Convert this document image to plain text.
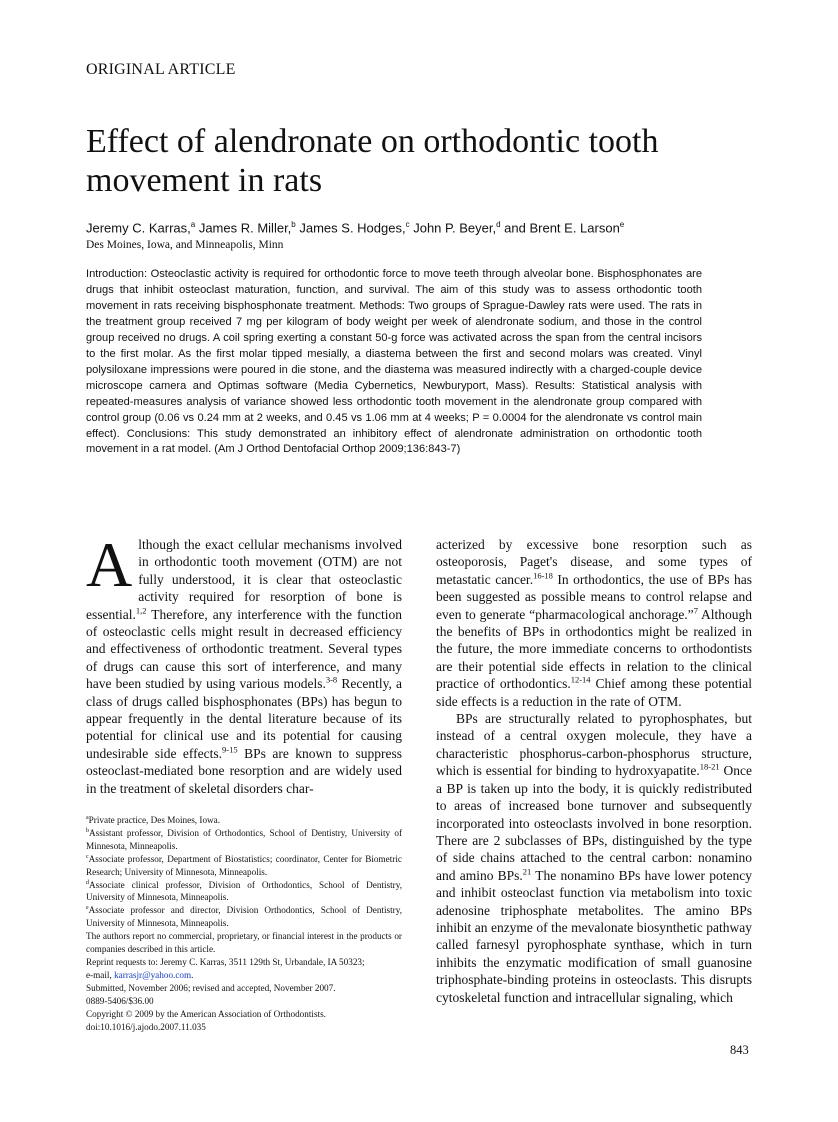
ORIGINAL ARTICLE
Effect of alendronate on orthodontic tooth movement in rats
Jeremy C. Karras,$^a$ James R. Miller,$^b$ James S. Hodges,$^c$ John P. Beyer,$^d$ and Brent E. Larson$^e$
Des Moines, Iowa, and Minneapolis, Minn

Introduction: Osteoclastic activity is required for orthodontic force to move teeth through alveolar bone. Bisphosphonates are drugs that inhibit osteoclast maturation, function, and survival. The aim of this study was to assess orthodontic tooth movement in rats receiving bisphosphonate treatment. Methods: Two groups of Sprague-Dawley rats were used. The rats in the treatment group received 7 mg per kilogram of body weight per week of alendronate sodium, and those in the control group received no drugs. A coil spring exerting a constant 50-g force was activated across the span from the central incisors to the first molar. As the first molar tipped mesially, a diastema between the first and second molars was created. Vinyl polysiloxane impressions were poured in die stone, and the diastema was measured indirectly with a charged-couple device microscope camera and Optimas software (Media Cybernetics, Newburyport, Mass). Results: Statistical analysis with repeated-measures analysis of variance showed less orthodontic tooth movement in the alendronate group compared with control group (0.06 vs 0.24 mm at 2 weeks, and 0.45 vs 1.06 mm at 4 weeks; P = 0.0004 for the alendronate vs control main effect). Conclusions: This study demonstrated an inhibitory effect of alendronate administration on orthodontic tooth movement in a rat model. (Am J Orthod Dentofacial Orthop 2009;136:843-7)

Although the exact cellular mechanisms involved in orthodontic tooth movement (OTM) are not fully understood, it is clear that osteoclastic activity required for resorption of bone is essential.$^{1,2}$ Therefore, any interference with the function of osteoclastic cells might result in decreased efficiency and effectiveness of orthodontic treatment. Several types of drugs can cause this sort of interference, and many have been studied by using various models.$^{3-8}$ Recently, a class of drugs called bisphosphonates (BPs) has begun to appear frequently in the dental literature because of its potential for clinical use and its potential for causing undesirable side effects.$^{9-15}$ BPs are known to suppress osteoclast-mediated bone resorption and are widely used in the treatment of skeletal disorders char-

acterized by excessive bone resorption such as osteoporosis, Paget's disease, and some types of metastatic cancer.$^{16-18}$ In orthodontics, the use of BPs has been suggested as possible means to control relapse and even to generate “pharmacological anchorage.”$^7$ Although the benefits of BPs in orthodontics might be realized in the future, the more immediate concerns to orthodontists are their potential side effects in relation to the clinical practice of orthodontics.$^{12-14}$ Chief among these potential side effects is a reduction in the rate of OTM.

BPs are structurally related to pyrophosphates, but instead of a central oxygen molecule, they have a characteristic phosphorus-carbon-phosphorus structure, which is essential for binding to hydroxyapatite.$^{18-21}$ Once a BP is taken up into the body, it is quickly redistributed to areas of increased bone turnover and subsequently incorporated into osteoclasts involved in bone resorption. There are 2 subclasses of BPs, distinguished by the type of side chains attached to the central carbon: nonamino and amino BPs.$^{21}$ The nonamino BPs have lower potency and inhibit osteoclast function via metabolism into toxic adenosine triphosphate metabolites. The amino BPs inhibit an enzyme of the mevalonate biosynthetic pathway called farnesyl pyrophosphate synthase, which in turn inhibits the enzymatic modification of small guanosine triphosphate-binding proteins in osteoclasts. This disrupts cytoskeletal function and intracellular signaling, which

$^a$Private practice, Des Moines, Iowa.
$^b$Assistant professor, Division of Orthodontics, School of Dentistry, University of Minnesota, Minneapolis.
$^c$Associate professor, Department of Biostatistics; coordinator, Center for Biometric Research; University of Minnesota, Minneapolis.
$^d$Associate clinical professor, Division of Orthodontics, School of Dentistry, University of Minnesota, Minneapolis.
$^e$Associate professor and director, Division Orthodontics, School of Dentistry, University of Minnesota, Minneapolis.
The authors report no commercial, proprietary, or financial interest in the products or companies described in this article.
Reprint requests to: Jeremy C. Karras, 3511 129th St, Urbandale, IA 50323;
e-mail, karrasjr@yahoo.com.
Submitted, November 2006; revised and accepted, November 2007.
0889-5406/$36.00
Copyright © 2009 by the American Association of Orthodontists.
doi:10.1016/j.ajodo.2007.11.035
843
